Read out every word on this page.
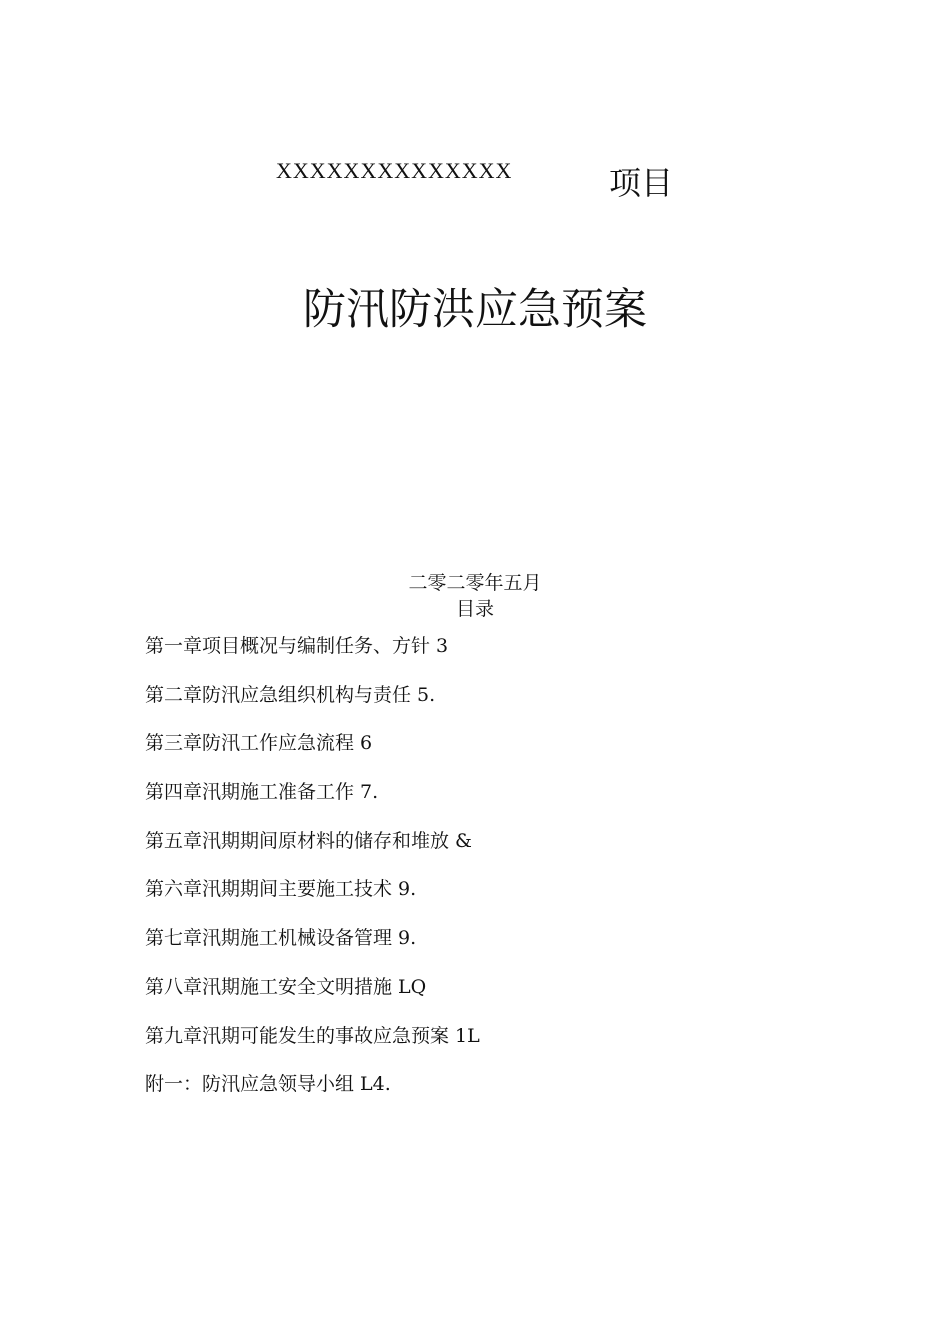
XXXXXXXXXXXXXX	项目
防汛防洪应急预案
二零二零年五月
目录
第一章项目概况与编制任务、方针 3
第二章防汛应急组织机构与责任 5.
第三章防汛工作应急流程 6
第四章汛期施工准备工作 7.
第五章汛期期间原材料的储存和堆放 &
第六章汛期期间主要施工技术 9.
第七章汛期施工机械设备管理 9.
第八章汛期施工安全文明措施 LQ
第九章汛期可能发生的事故应急预案 1L
附一：防汛应急领导小组 L4.
